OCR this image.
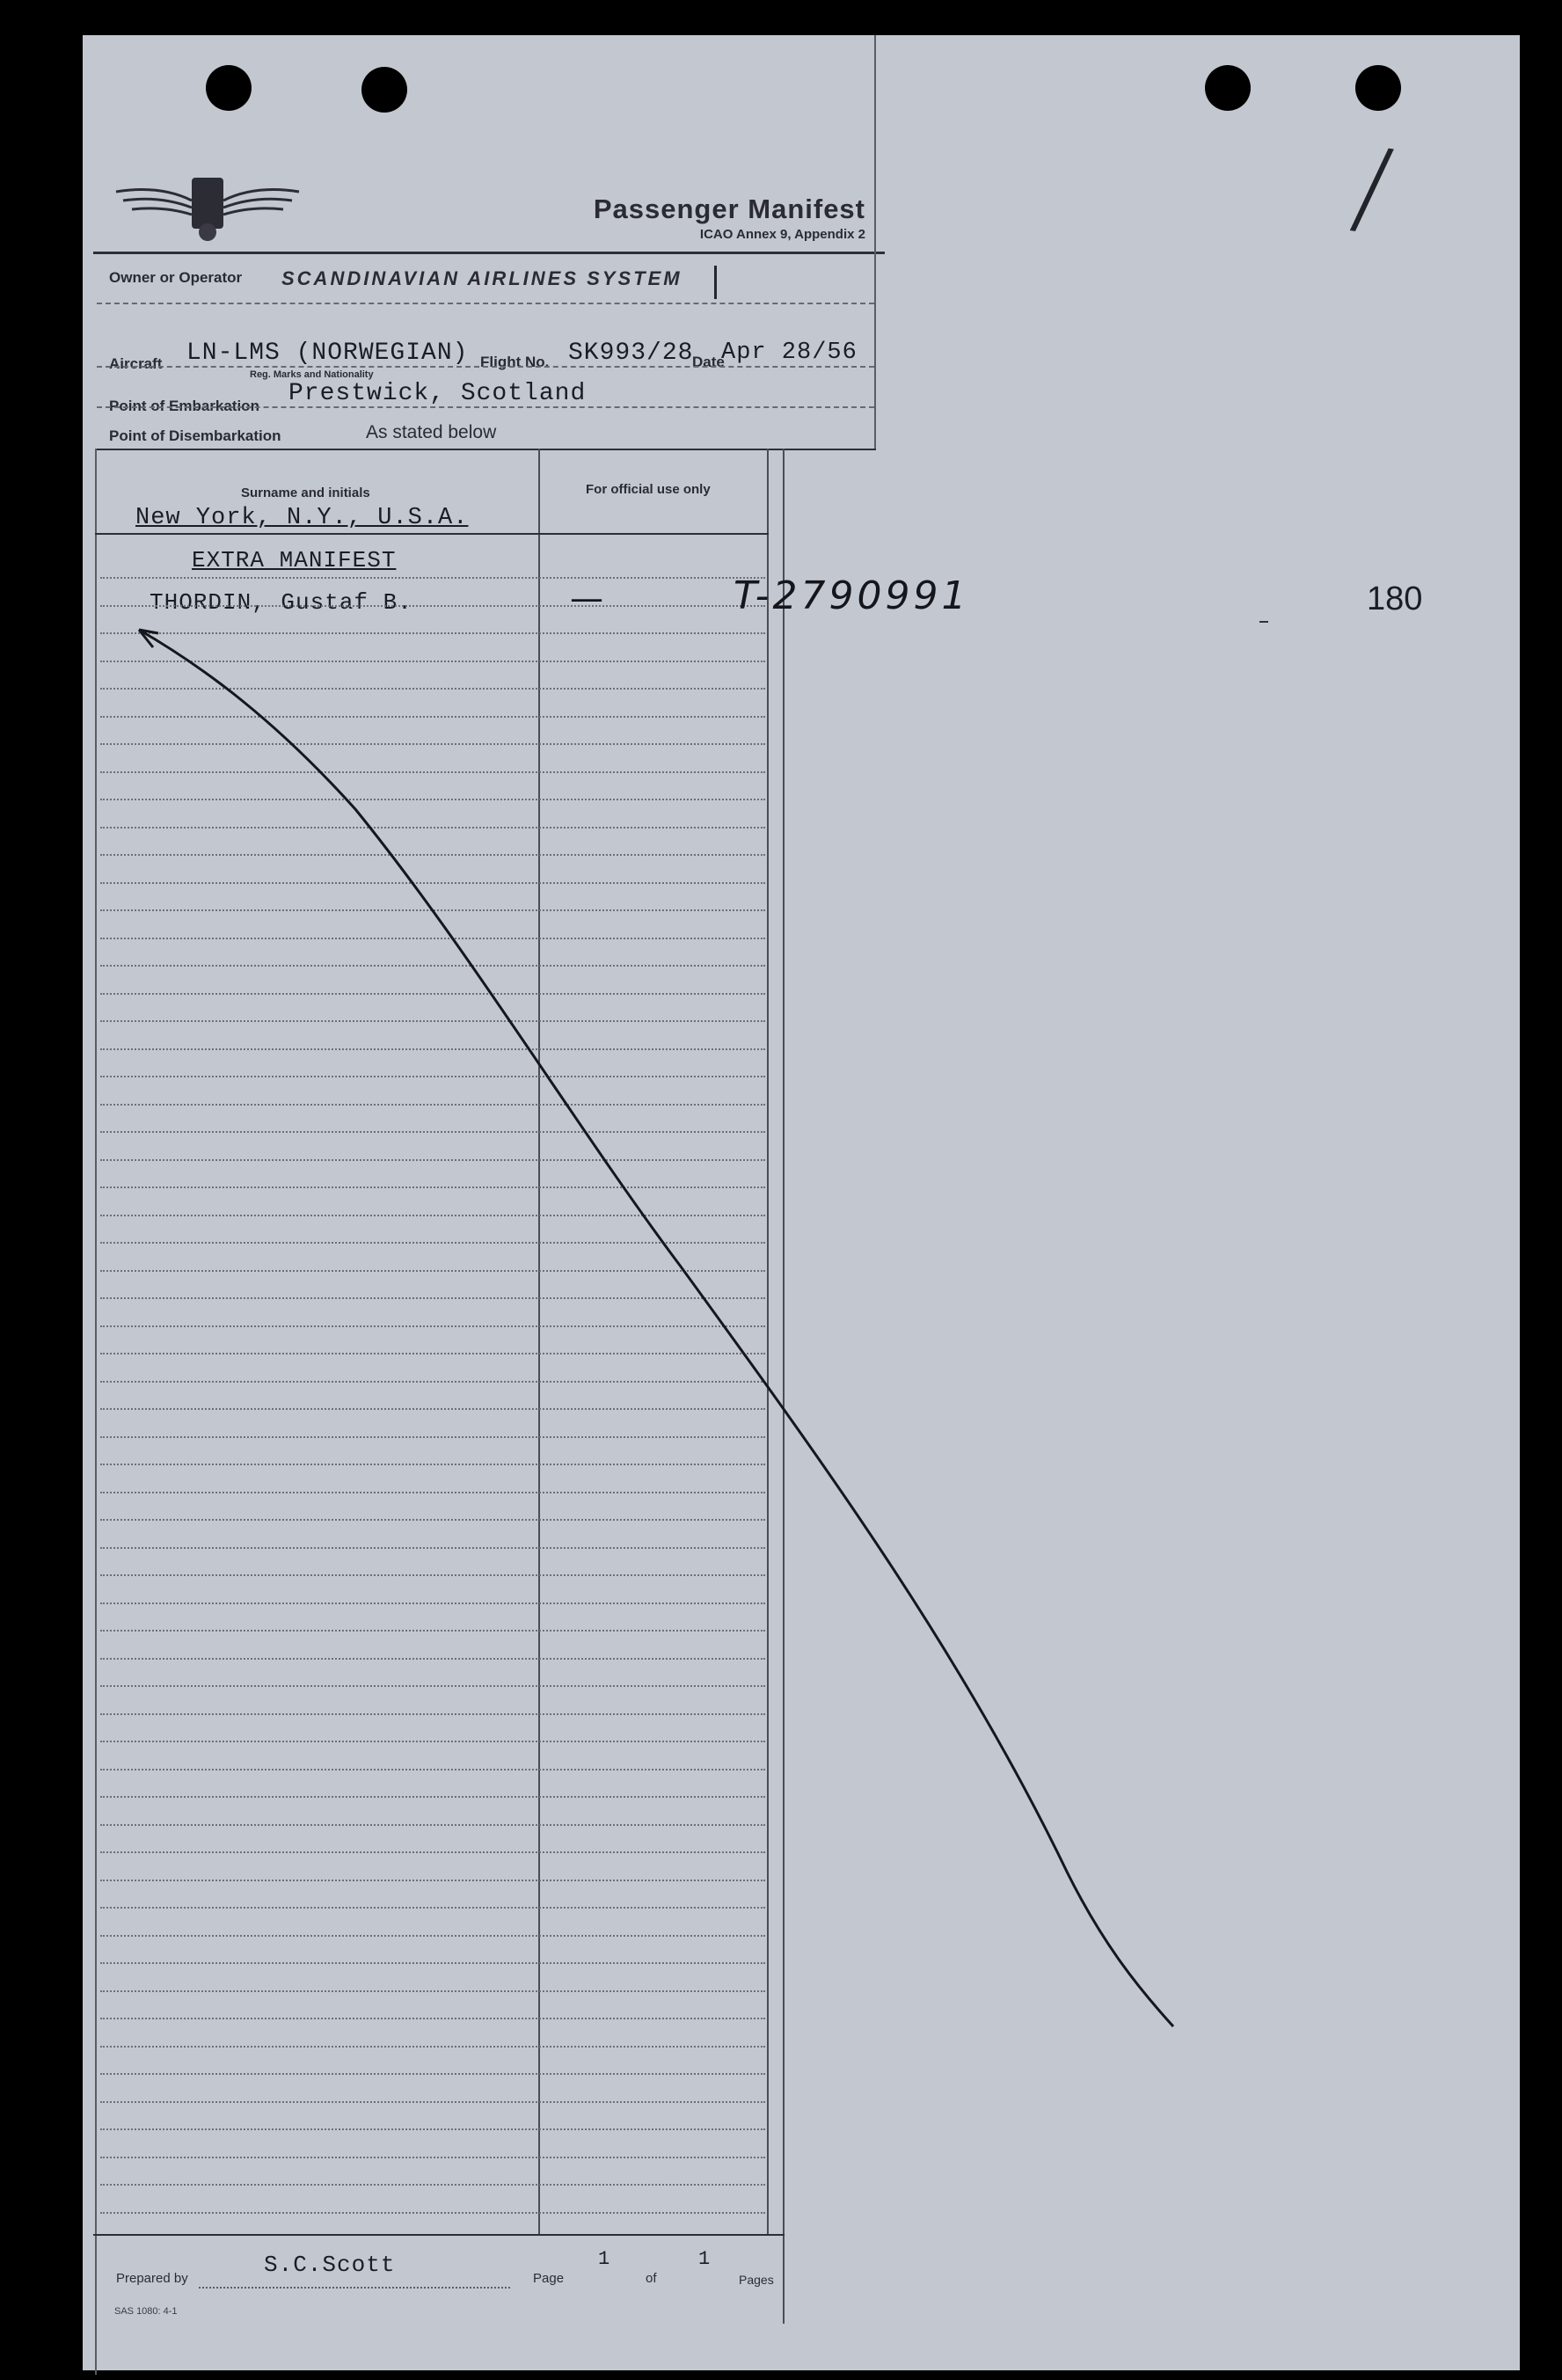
Passenger Manifest
ICAO Annex 9, Appendix 2
Owner or Operator SCANDINAVIAN AIRLINES SYSTEM
Aircraft LN-LMS (NORWEGIAN)
Reg. Marks and Nationality
Flight No. SK993/28
Date
Apr 28/56
Point of Embarkation Prestwick, Scotland
Point of Disembarkation	As stated below
Surname and initials	For official use only
New York, N.Y., U.S.A.
EXTRA MANIFEST
THORDIN, Gustaf B.	—	T-2790991	180
/
Prepared by
S.C.Scott
Page
1
of
1
Pages
SAS 1080: 4-1
